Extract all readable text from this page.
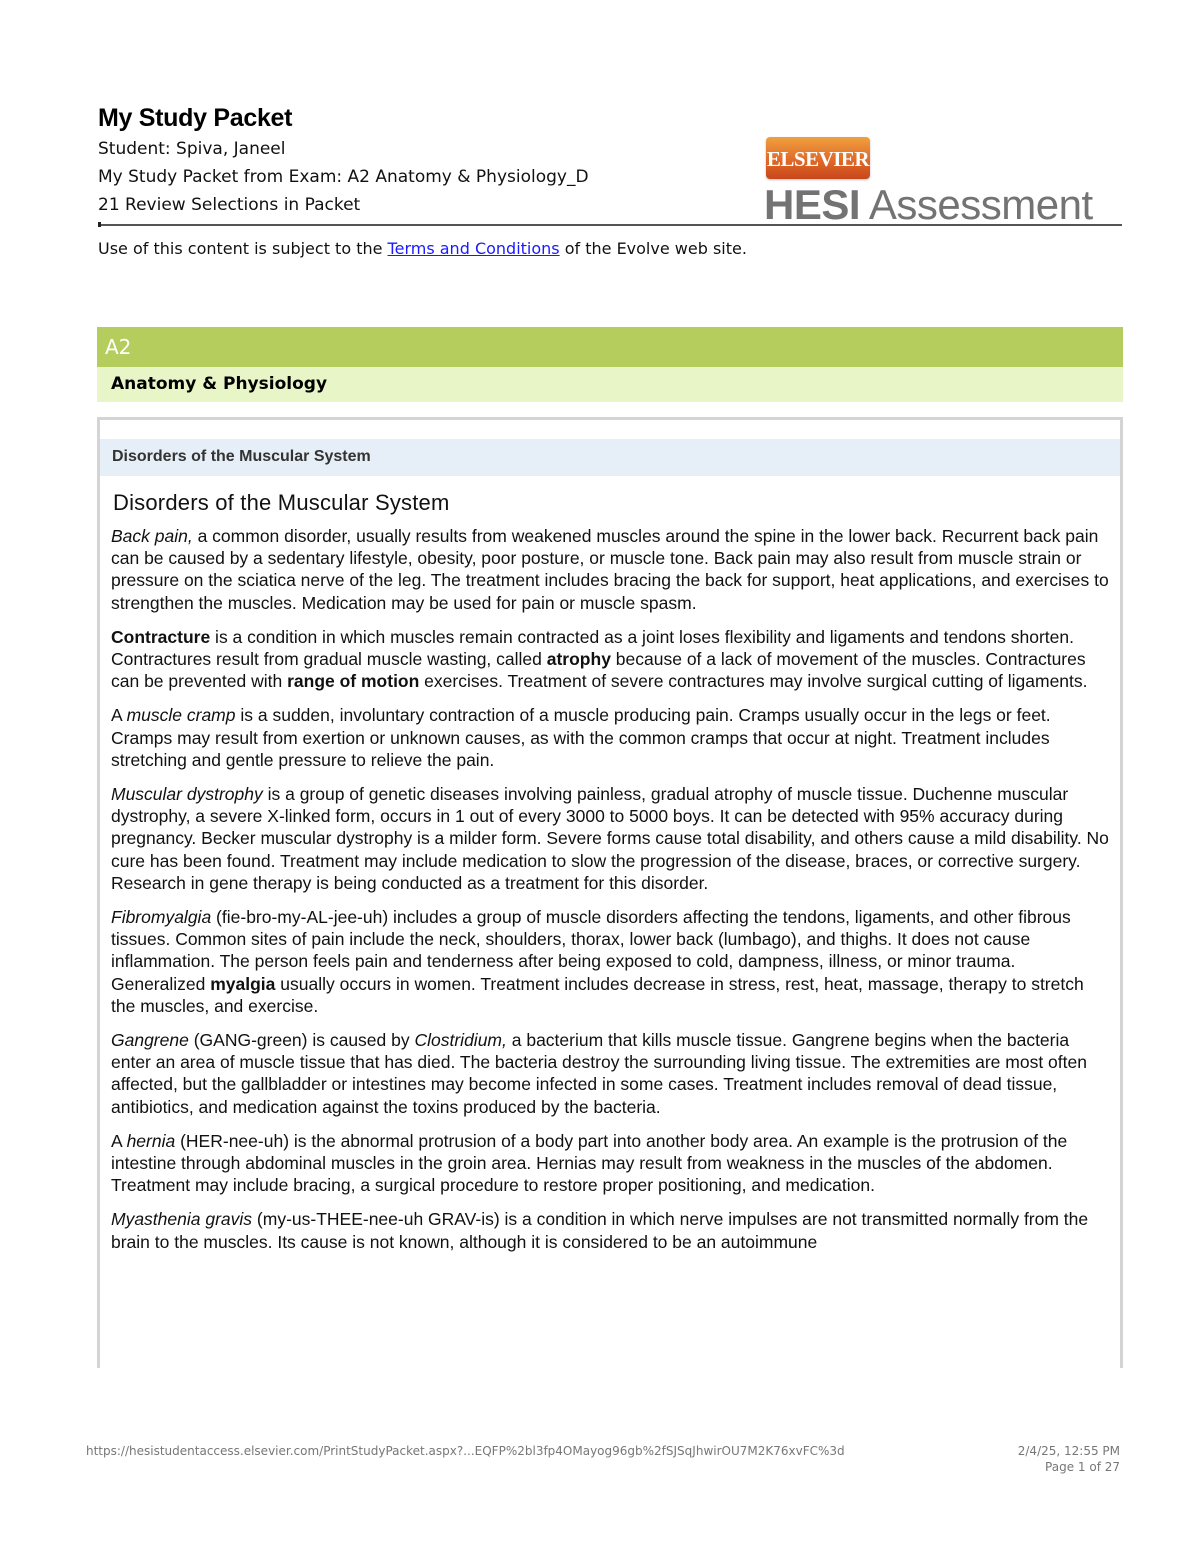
My Study Packet
Student: Spiva, Janeel
My Study Packet from Exam: A2 Anatomy & Physiology_D
21 Review Selections in Packet
ELSEVIER
HESI Assessment
Use of this content is subject to the Terms and Conditions of the Evolve web site.
A2
Anatomy & Physiology
Disorders of the Muscular System
Disorders of the Muscular System

Back pain, a common disorder, usually results from weakened muscles around the spine in the lower back. Recurrent back pain can be caused by a sedentary lifestyle, obesity, poor posture, or muscle tone. Back pain may also result from muscle strain or pressure on the sciatica nerve of the leg. The treatment includes bracing the back for support, heat applications, and exercises to strengthen the muscles. Medication may be used for pain or muscle spasm.

Contracture is a condition in which muscles remain contracted as a joint loses flexibility and ligaments and tendons shorten. Contractures result from gradual muscle wasting, called atrophy because of a lack of movement of the muscles. Contractures can be prevented with range of motion exercises. Treatment of severe contractures may involve surgical cutting of ligaments.

A muscle cramp is a sudden, involuntary contraction of a muscle producing pain. Cramps usually occur in the legs or feet. Cramps may result from exertion or unknown causes, as with the common cramps that occur at night. Treatment includes stretching and gentle pressure to relieve the pain.

Muscular dystrophy is a group of genetic diseases involving painless, gradual atrophy of muscle tissue. Duchenne muscular dystrophy, a severe X-linked form, occurs in 1 out of every 3000 to 5000 boys. It can be detected with 95% accuracy during pregnancy. Becker muscular dystrophy is a milder form. Severe forms cause total disability, and others cause a mild disability. No cure has been found. Treatment may include medication to slow the progression of the disease, braces, or corrective surgery. Research in gene therapy is being conducted as a treatment for this disorder.

Fibromyalgia (fie-bro-my-AL-jee-uh) includes a group of muscle disorders affecting the tendons, ligaments, and other fibrous tissues. Common sites of pain include the neck, shoulders, thorax, lower back (lumbago), and thighs. It does not cause inflammation. The person feels pain and tenderness after being exposed to cold, dampness, illness, or minor trauma. Generalized myalgia usually occurs in women. Treatment includes decrease in stress, rest, heat, massage, therapy to stretch the muscles, and exercise.

Gangrene (GANG-green) is caused by Clostridium, a bacterium that kills muscle tissue. Gangrene begins when the bacteria enter an area of muscle tissue that has died. The bacteria destroy the surrounding living tissue. The extremities are most often affected, but the gallbladder or intestines may become infected in some cases. Treatment includes removal of dead tissue, antibiotics, and medication against the toxins produced by the bacteria.

A hernia (HER-nee-uh) is the abnormal protrusion of a body part into another body area. An example is the protrusion of the intestine through abdominal muscles in the groin area. Hernias may result from weakness in the muscles of the abdomen. Treatment may include bracing, a surgical procedure to restore proper positioning, and medication.

Myasthenia gravis (my-us-THEE-nee-uh GRAV-is) is a condition in which nerve impulses are not transmitted normally from the brain to the muscles. Its cause is not known, although it is considered to be an autoimmune

https://hesistudentaccess.elsevier.com/PrintStudyPacket.aspx?...EQFP%2bl3fp4OMayog96gb%2fSJSqJhwirOU7M2K76xvFC%3d	2/4/25, 12:55 PM
Page 1 of 27
